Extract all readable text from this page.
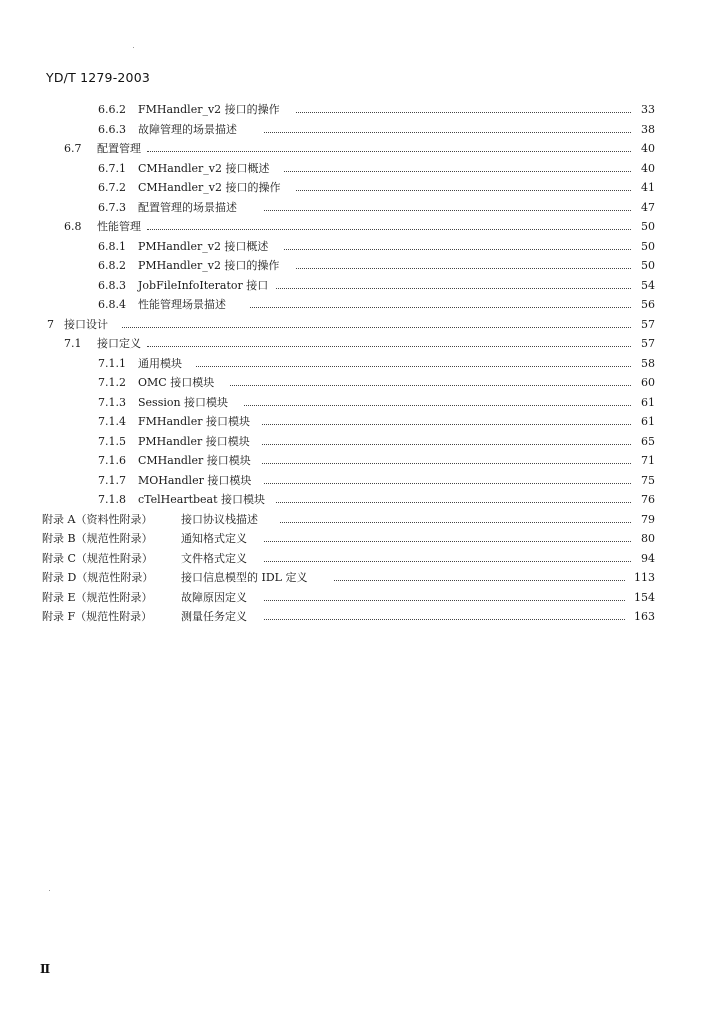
YD/T 1279-2003
6.6.2 FMHandler_v2 接口的操作	33
6.6.3 故障管理的场景描述	38
6.7 配置管理	40
6.7.1 CMHandler_v2 接口概述	40
6.7.2 CMHandler_v2 接口的操作	41
6.7.3 配置管理的场景描述	47
6.8 性能管理	50
6.8.1 PMHandler_v2 接口概述	50
6.8.2 PMHandler_v2 接口的操作	50
6.8.3 JobFileInfoIterator 接口	54
6.8.4 性能管理场景描述	56
7 接口设计	57
7.1 接口定义	57
7.1.1 通用模块	58
7.1.2 OMC 接口模块	60
7.1.3 Session 接口模块	61
7.1.4 FMHandler 接口模块	61
7.1.5 PMHandler 接口模块	65
7.1.6 CMHandler 接口模块	71
7.1.7 MOHandler 接口模块	75
7.1.8 cTelHeartbeat 接口模块	76
附录 A（资料性附录）	接口协议栈描述	79
附录 B（规范性附录）	通知格式定义	80
附录 C（规范性附录）	文件格式定义	94
附录 D（规范性附录）	接口信息模型的 IDL 定义	113
附录 E（规范性附录）	故障原因定义	154
附录 F（规范性附录）	测量任务定义	163
Ⅱ
